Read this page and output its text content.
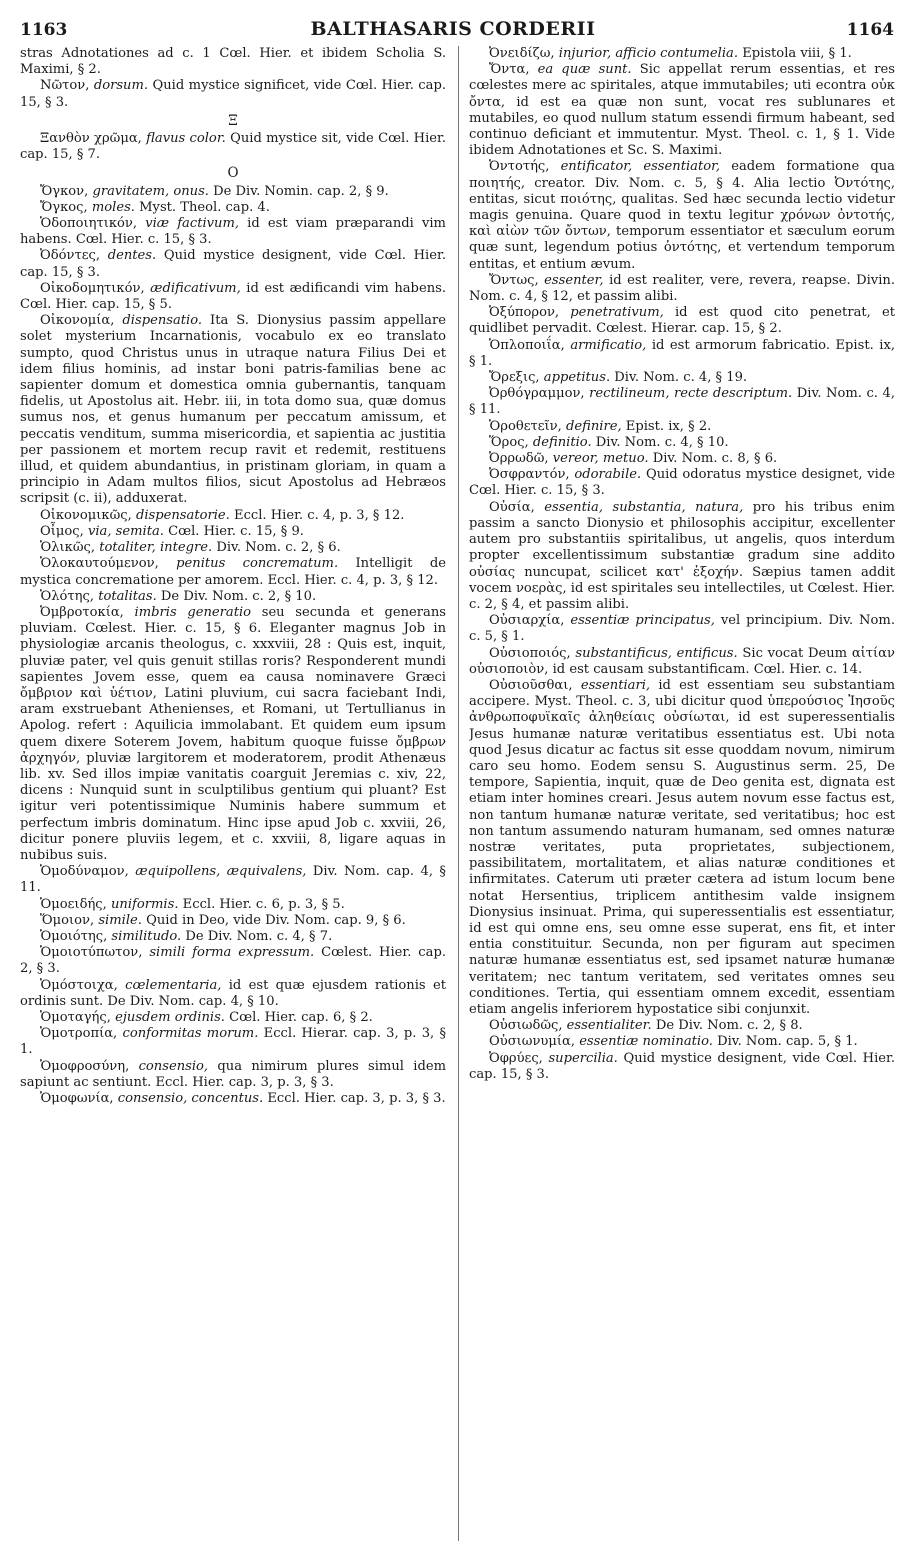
1163	BALTHASARIS CORDERII	1164

stras Adnotationes ad c. 1 Cœl. Hier. et ibidem Scholia S. Maximi, § 2.

Νῶτον, dorsum. Quid mystice significet, vide Cœl. Hier. cap. 15, § 3.

Ξ

Ξανθὸν χρῶμα, flavus color. Quid mystice sit, vide Cœl. Hier. cap. 15, § 7.

O

Ὄγκον, gravitatem, onus. De Div. Nomin. cap. 2, § 9.

Ὄγκος, moles. Myst. Theol. cap. 4.

Ὁδοποιητικόν, viæ factivum, id est viam præparandi vim habens. Cœl. Hier. c. 15, § 3.

Ὀδόντες, dentes. Quid mystice designent, vide Cœl. Hier. cap. 15, § 3.

Οἰκοδομητικόν, ædificativum, id est ædificandi vim habens. Cœl. Hier. cap. 15, § 5.

Οἰκονομία, dispensatio. Ita S. Dionysius passim appellare solet mysterium Incarnationis, vocabulo ex eo translato sumpto, quod Christus unus in utraque natura Filius Dei et idem filius hominis, ad instar boni patris-familias bene ac sapienter domum et domestica omnia gubernantis, tanquam fidelis, ut Apostolus ait. Hebr. iii, in tota domo sua, quæ domus sumus nos, et genus humanum per peccatum amissum, et peccatis venditum, summa misericordia, et sapientia ac justitia per passionem et mortem recup ravit et redemit, restituens illud, et quidem abundantius, in pristinam gloriam, in quam a principio in Adam multos filios, sicut Apostolus ad Hebræos scripsit (c. ii), adduxerat.

Οἰκονομικῶς, dispensatorie. Eccl. Hier. c. 4, p. 3, § 12.

Οἶμος, via, semita. Cœl. Hier. c. 15, § 9.

Ὁλικῶς, totaliter, integre. Div. Nom. c. 2, § 6.

Ὁλοκαυτούμενον, penitus concrematum. Intelligit de mystica concrematione per amorem. Eccl. Hier. c. 4, p. 3, § 12.

Ὁλότης, totalitas. De Div. Nom. c. 2, § 10.

Ὀμβροτοκία, imbris generatio seu secunda et generans pluviam. Cœlest. Hier. c. 15, § 6. Eleganter magnus Job in physiologiæ arcanis theologus, c. xxxviii, 28 : Quis est, inquit, pluviæ pater, vel quis genuit stillas roris? Responderent mundi sapientes Jovem esse, quem ea causa nominavere Græci ὄμβριον καὶ ὑέτιον, Latini pluvium, cui sacra faciebant Indi, aram exstruebant Athenienses, et Romani, ut Tertullianus in Apolog. refert : Aquilicia immolabant. Et quidem eum ipsum quem dixere Soterem Jovem, habitum quoque fuisse ὄμβρων ἀρχηγόν, pluviæ largitorem et moderatorem, prodit Athenæus lib. xv. Sed illos impiæ vanitatis coarguit Jeremias c. xiv, 22, dicens : Nunquid sunt in sculptilibus gentium qui pluant? Est igitur veri potentissimique Numinis habere summum et perfectum imbris dominatum. Hinc ipse apud Job c. xxviii, 26, dicitur ponere pluviis legem, et c. xxviii, 8, ligare aquas in nubibus suis.

Ὁμοδύναμον, æquipollens, æquivalens, Div. Nom. cap. 4, § 11.

Ὁμοειδής, uniformis. Eccl. Hier. c. 6, p. 3, § 5.

Ὅμοιον, simile. Quid in Deo, vide Div. Nom. cap. 9, § 6.

Ὁμοιότης, similitudo. De Div. Nom. c. 4, § 7.

Ὁμοιοτύπωτον, simili forma expressum. Cœlest. Hier. cap. 2, § 3.

Ὁμόστοιχα, cœlementaria, id est quæ ejusdem rationis et ordinis sunt. De Div. Nom. cap. 4, § 10.

Ὁμοταγής, ejusdem ordinis. Cœl. Hier. cap. 6, § 2.

Ὁμοτροπία, conformitas morum. Eccl. Hierar. cap. 3, p. 3, § 1.

Ὁμοφροσύνη, consensio, qua nimirum plures simul idem sapiunt ac sentiunt. Eccl. Hier. cap. 3, p. 3, § 3.

Ὁμοφωνία, consensio, concentus. Eccl. Hier. cap. 3, p. 3, § 3.

Ὀνειδίζω, injurior, afficio contumelia. Epistola viii, § 1.

Ὄντα, ea quæ sunt. Sic appellat rerum essentias, et res cœlestes mere ac spiritales, atque immutabiles; uti econtra οὐκ ὄντα, id est ea quæ non sunt, vocat res sublunares et mutabiles, eo quod nullum statum essendi firmum habeant, sed continuo deficiant et immutentur. Myst. Theol. c. 1, § 1. Vide ibidem Adnotationes et Sc. S. Maximi.

Ὀντοτής, entificator, essentiator, eadem formatione qua ποιητής, creator. Div. Nom. c. 5, § 4. Alia lectio Ὀντότης, entitas, sicut ποιότης, qualitas. Sed hæc secunda lectio videtur magis genuina. Quare quod in textu legitur χρόνων ὀντοτής, καὶ αἰὼν τῶν ὄντων, temporum essentiator et sæculum eorum quæ sunt, legendum potius ὀντότης, et vertendum temporum entitas, et entium ævum.

Ὄντως, essenter, id est realiter, vere, revera, reapse. Divin. Nom. c. 4, § 12, et passim alibi.

Ὀξύπορον, penetrativum, id est quod cito penetrat, et quidlibet pervadit. Cœlest. Hierar. cap. 15, § 2.

Ὁπλοποιΐα, armificatio, id est armorum fabricatio. Epist. ix, § 1.

Ὄρεξις, appetitus. Div. Nom. c. 4, § 19.

Ὀρθόγραμμον, rectilineum, recte descriptum. Div. Nom. c. 4, § 11.

Ὁροθετεῖν, definire, Epist. ix, § 2.

Ὅρος, definitio. Div. Nom. c. 4, § 10.

Ὀρρωδῶ, vereor, metuo. Div. Nom. c. 8, § 6.

Ὀσφραντόν, odorabile. Quid odoratus mystice designet, vide Cœl. Hier. c. 15, § 3.

Οὐσία, essentia, substantia, natura, pro his tribus enim passim a sancto Dionysio et philosophis accipitur, excellenter autem pro substantiis spiritalibus, ut angelis, quos interdum propter excellentissimum substantiæ gradum sine addito οὐσίας nuncupat, scilicet κατ' ἐξοχήν. Sæpius tamen addit vocem νοερὰς, id est spiritales seu intellectiles, ut Cœlest. Hier. c. 2, § 4, et passim alibi.

Οὐσιαρχία, essentiæ principatus, vel principium. Div. Nom. c. 5, § 1.

Οὐσιοποιός, substantificus, entificus. Sic vocat Deum αἰτίαν οὐσιοποιὸν, id est causam substantificam. Cœl. Hier. c. 14.

Οὐσιοῦσθαι, essentiari, id est essentiam seu substantiam accipere. Myst. Theol. c. 3, ubi dicitur quod ὑπερούσιος Ἰησοῦς ἀνθρωποφυϊκαῖς ἀληθείαις οὐσίωται, id est superessentialis Jesus humanæ naturæ veritatibus essentiatus est. Ubi nota quod Jesus dicatur ac factus sit esse quoddam novum, nimirum caro seu homo. Eodem sensu S. Augustinus serm. 25, De tempore, Sapientia, inquit, quæ de Deo genita est, dignata est etiam inter homines creari. Jesus autem novum esse factus est, non tantum humanæ naturæ veritate, sed veritatibus; hoc est non tantum assumendo naturam humanam, sed omnes naturæ nostræ veritates, puta proprietates, subjectionem, passibilitatem, mortalitatem, et alias naturæ conditiones et infirmitates. Caterum uti præter cætera ad istum locum bene notat Hersentius, triplicem antithesim valde insignem Dionysius insinuat. Prima, qui superessentialis est essentiatur, id est qui omne ens, seu omne esse superat, ens fit, et inter entia constituitur. Secunda, non per figuram aut specimen naturæ humanæ essentiatus est, sed ipsamet naturæ humanæ veritatem; nec tantum veritatem, sed veritates omnes seu conditiones. Tertia, qui essentiam omnem excedit, essentiam etiam angelis inferiorem hypostatice sibi conjunxit.

Οὐσιωδῶς, essentialiter. De Div. Nom. c. 2, § 8.

Οὐσιωνυμία, essentiæ nominatio. Div. Nom. cap. 5, § 1.

Ὀφρύες, supercilia. Quid mystice designent, vide Cœl. Hier. cap. 15, § 3.
